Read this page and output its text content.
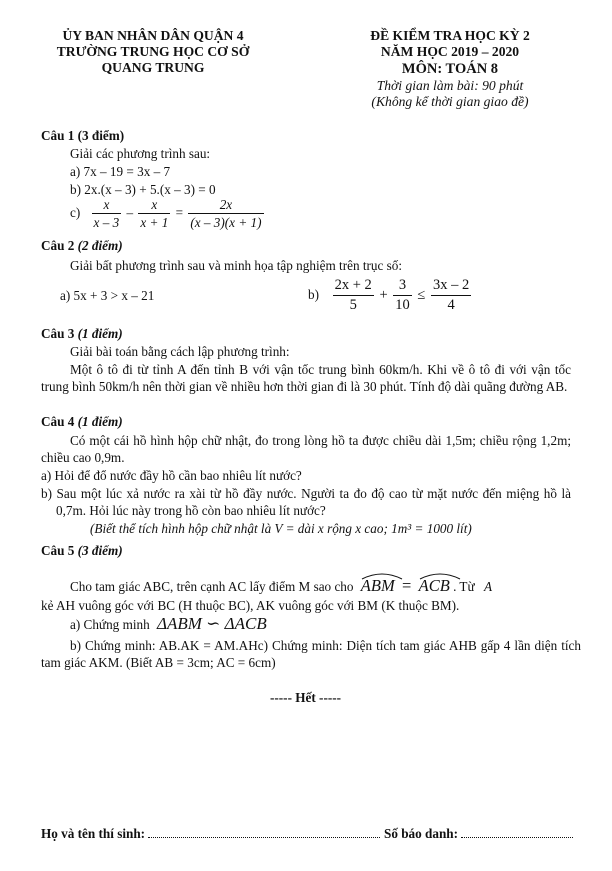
ỦY BAN NHÂN DÂN QUẬN 4
TRƯỜNG TRUNG HỌC CƠ SỞ
QUANG TRUNG
ĐỀ KIỂM TRA HỌC KỲ 2
NĂM HỌC 2019 – 2020
MÔN: TOÁN 8
Thời gian làm bài: 90 phút
(Không kể thời gian giao đề)
Câu 1 (3 điểm)
Giải các phương trình sau:
a) 7x – 19 = 3x – 7
b) 2x.(x – 3) + 5.(x – 3) = 0
$c) \frac{x}{x - 3} - \frac{x}{x + 1} = \frac{2x}{(x - 3)(x + 1)}$
Câu 2 (2 điểm)
Giải bất phương trình sau và minh họa tập nghiệm trên trục số:
a) 5x + 3 > x – 21	$b) \frac{2x + 2}{5} + \frac{3}{10} \le \frac{3x - 2}{4}$
Câu 3 (1 điểm)
Giải bài toán bằng cách lập phương trình:
Một ô tô đi từ tỉnh A đến tỉnh B với vận tốc trung bình 60km/h. Khi về ô tô đi với vận tốc trung bình 50km/h nên thời gian về nhiều hơn thời gian đi là 30 phút. Tính độ dài quãng đường AB.
Câu 4 (1 điểm)
Có một cái hồ hình hộp chữ nhật, đo trong lòng hồ ta được chiều dài 1,5m; chiều rộng 1,2m; chiều cao 0,9m.
a) Hỏi để đổ nước đầy hồ cần bao nhiêu lít nước?
b) Sau một lúc xả nước ra xài từ hồ đầy nước. Người ta đo độ cao từ mặt nước đến miệng hồ là 0,7m. Hỏi lúc này trong hồ còn bao nhiêu lít nước?
(Biết thể tích hình hộp chữ nhật là V = dài x rộng x cao; 1m³ = 1000 lít)
Câu 5 (3 điểm)
Cho tam giác ABC, trên cạnh AC lấy điểm M sao cho ABM = ACB . Từ A
kẻ AH vuông góc với BC (H thuộc BC), AK vuông góc với BM (K thuộc BM).
a) Chứng minh ΔABM ∽ ΔACB
b) Chứng minh: AB.AK = AM.AHc) Chứng minh: Diện tích tam giác AHB gấp 4 lần diện tích tam giác AKM. (Biết AB = 3cm; AC = 6cm)
----- Hết -----
Họ và tên thí sinh:	Số báo danh:
